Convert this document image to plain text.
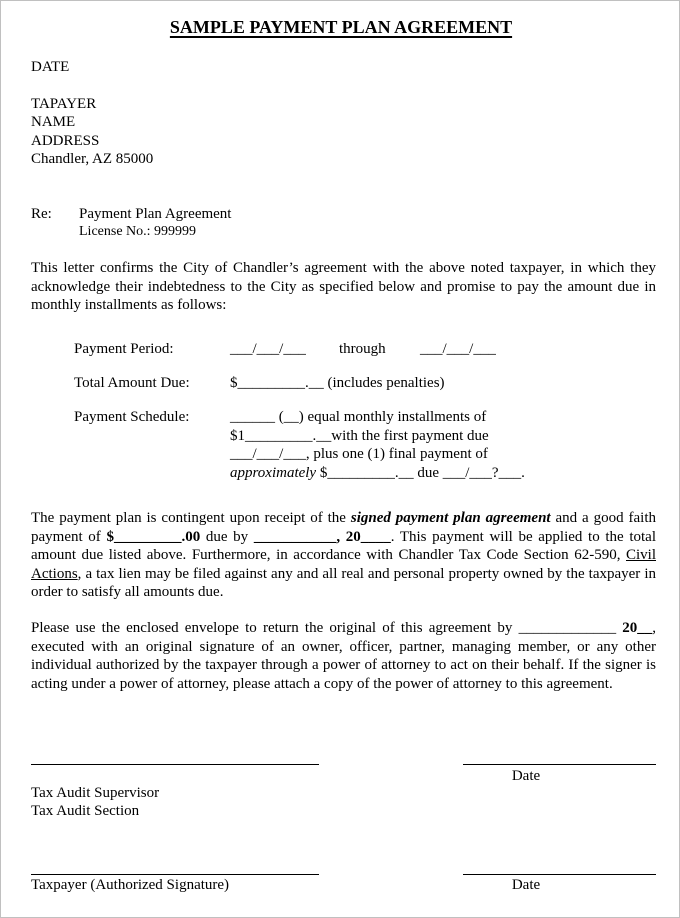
SAMPLE PAYMENT PLAN AGREEMENT
DATE
TAPAYER
NAME
ADDRESS
Chandler, AZ 85000
Re: Payment Plan Agreement
License No.: 999999
This letter confirms the City of Chandler’s agreement with the above noted taxpayer, in which they acknowledge their indebtedness to the City as specified below and promise to pay the amount due in monthly installments as follows:
Payment Period:	___/___/___ through ___/___/___
Total Amount Due:	$_________.__ (includes penalties)
Payment Schedule:	______ (__) equal monthly installments of
$1_________.__with the first payment due
___/___/___, plus one (1) final payment of
approximately $_________.__ due ___/___?___.
The payment plan is contingent upon receipt of the signed payment plan agreement and a good faith payment of $_________.00 due by ___________, 20____. This payment will be applied to the total amount due listed above. Furthermore, in accordance with Chandler Tax Code Section 62-590, Civil Actions, a tax lien may be filed against any and all real and personal property owned by the taxpayer in order to satisfy all amounts due.
Please use the enclosed envelope to return the original of this agreement by _____________ 20__, executed with an original signature of an owner, officer, partner, managing member, or any other individual authorized by the taxpayer through a power of attorney to act on their behalf. If the signer is acting under a power of attorney, please attach a copy of the power of attorney to this agreement.
Date
Tax Audit Supervisor
Tax Audit Section
Taxpayer (Authorized Signature)	Date
